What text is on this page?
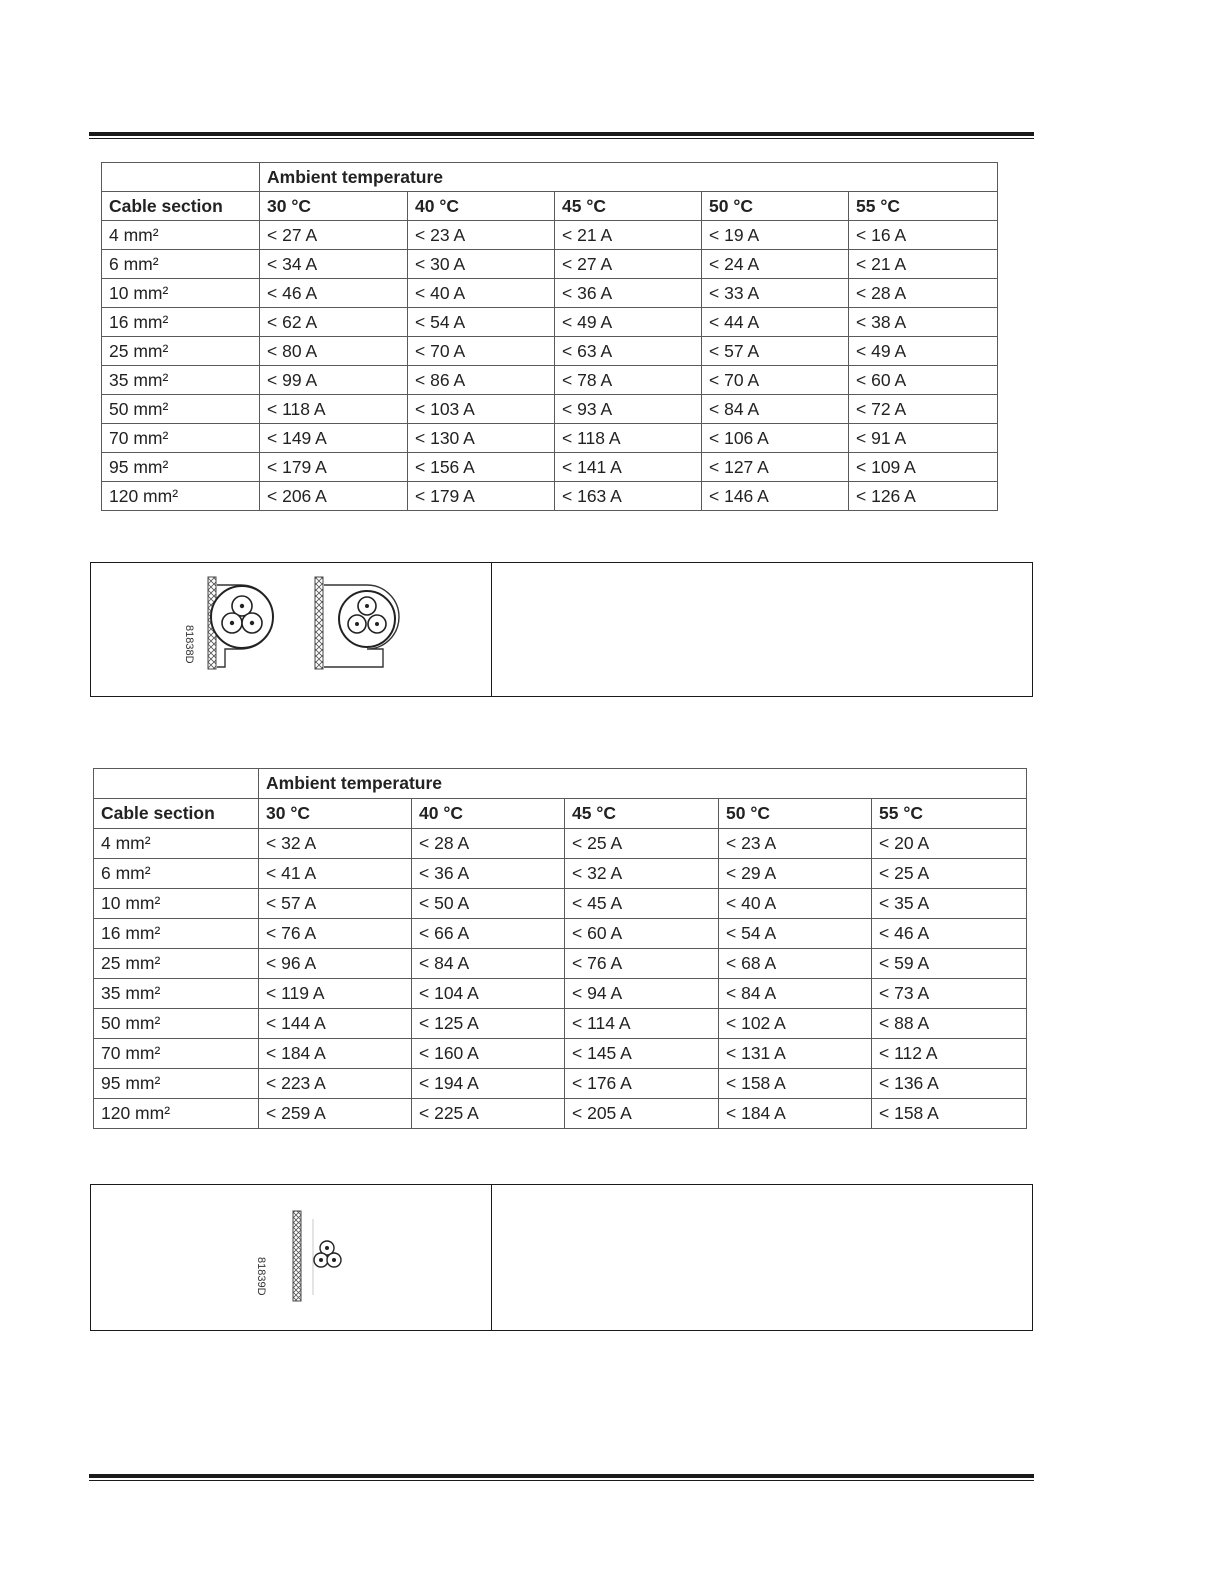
	Ambient temperature				
Cable section	30 °C	40 °C	45 °C	50 °C	55 °C
4 mm²	< 27 A	< 23 A	< 21 A	< 19 A	< 16 A
6 mm²	< 34 A	< 30 A	< 27 A	< 24 A	< 21 A
10 mm²	< 46 A	< 40 A	< 36 A	< 33 A	< 28 A
16 mm²	< 62 A	< 54 A	< 49 A	< 44 A	< 38 A
25 mm²	< 80 A	< 70 A	< 63 A	< 57 A	< 49 A
35 mm²	< 99 A	< 86 A	< 78 A	< 70 A	< 60 A
50 mm²	< 118 A	< 103 A	< 93 A	< 84 A	< 72 A
70 mm²	< 149 A	< 130 A	< 118 A	< 106 A	< 91 A
95 mm²	< 179 A	< 156 A	< 141 A	< 127 A	< 109 A
120 mm²	< 206 A	< 179 A	< 163 A	< 146 A	< 126 A
81838D
	Ambient temperature				
Cable section	30 °C	40 °C	45 °C	50 °C	55 °C
4 mm²	< 32 A	< 28 A	< 25 A	< 23 A	< 20 A
6 mm²	< 41 A	< 36 A	< 32 A	< 29 A	< 25 A
10 mm²	< 57 A	< 50 A	< 45 A	< 40 A	< 35 A
16 mm²	< 76 A	< 66 A	< 60 A	< 54 A	< 46 A
25 mm²	< 96 A	< 84 A	< 76 A	< 68 A	< 59 A
35 mm²	< 119 A	< 104 A	< 94 A	< 84 A	< 73 A
50 mm²	< 144 A	< 125 A	< 114 A	< 102 A	< 88 A
70 mm²	< 184 A	< 160 A	< 145 A	< 131 A	< 112 A
95 mm²	< 223 A	< 194 A	< 176 A	< 158 A	< 136 A
120 mm²	< 259 A	< 225 A	< 205 A	< 184 A	< 158 A
81839D
